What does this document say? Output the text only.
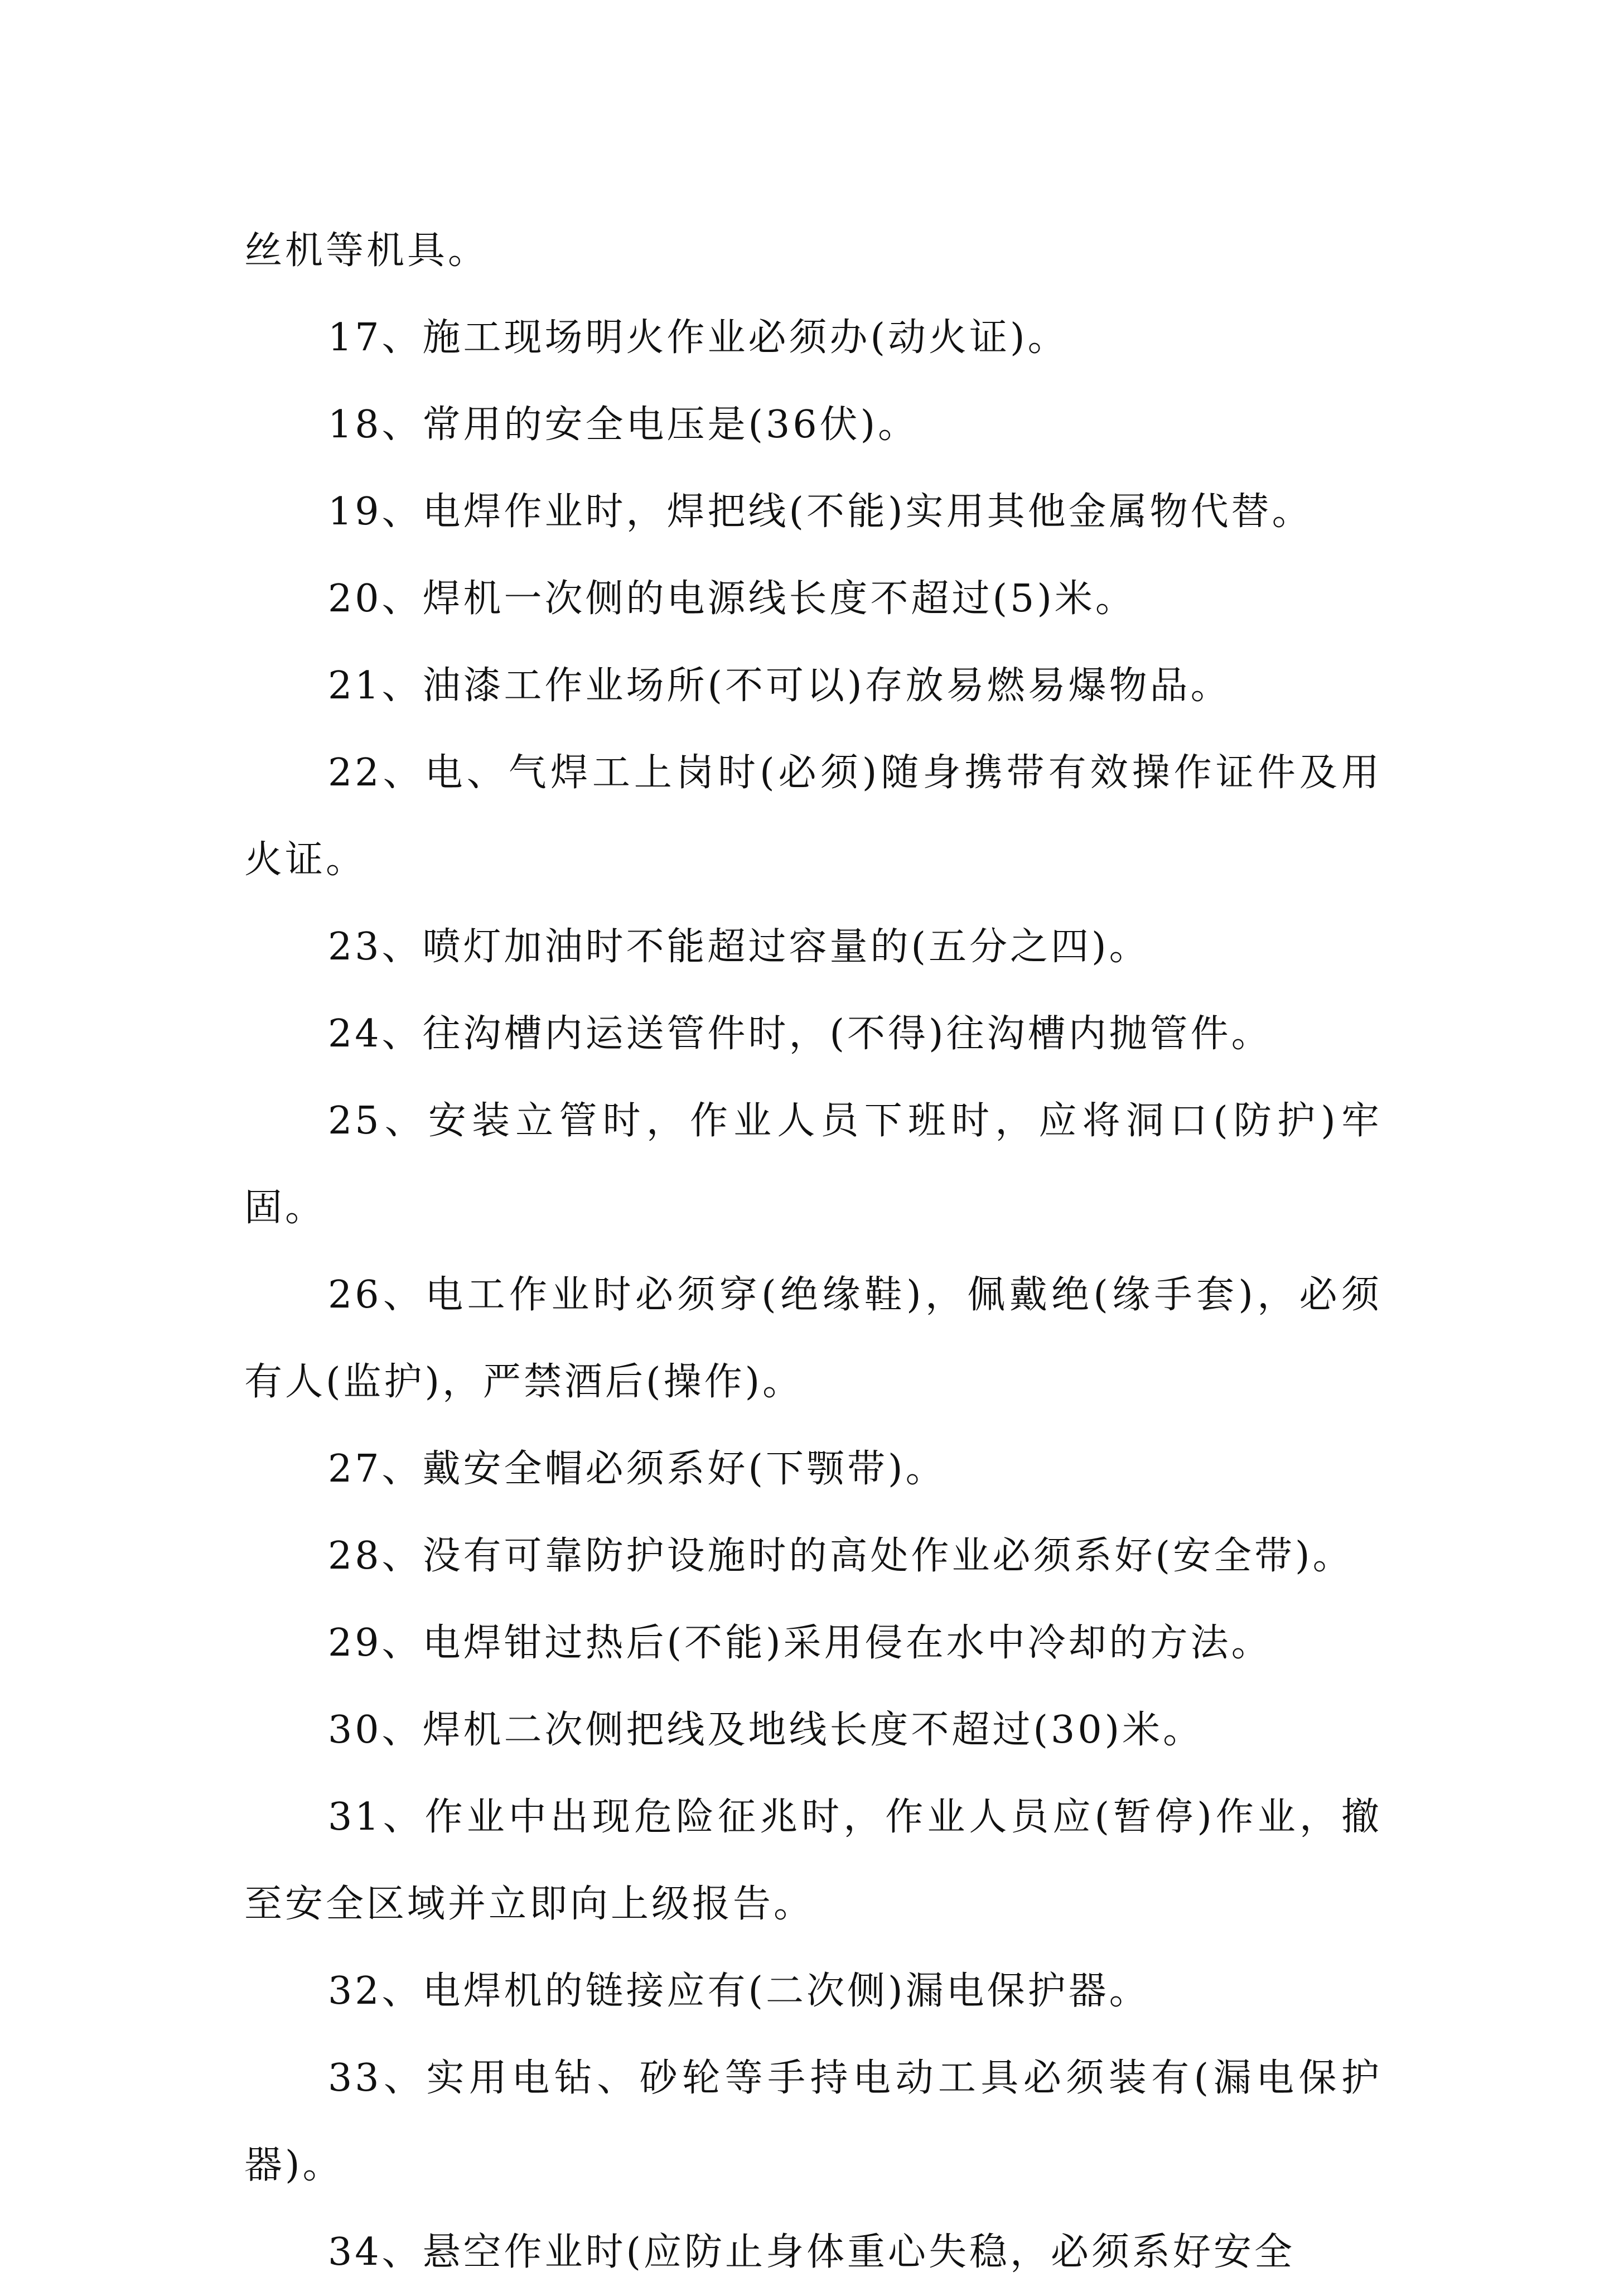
丝机等机具。

17、施工现场明火作业必须办(动火证)。

18、常用的安全电压是(36伏)。

19、电焊作业时，焊把线(不能)实用其他金属物代替。

20、焊机一次侧的电源线长度不超过(5)米。

21、油漆工作业场所(不可以)存放易燃易爆物品。

22、电、气焊工上岗时(必须)随身携带有效操作证件及用火证。

23、喷灯加油时不能超过容量的(五分之四)。

24、往沟槽内运送管件时，(不得)往沟槽内抛管件。

25、安装立管时，作业人员下班时，应将洞口(防护)牢固。

26、电工作业时必须穿(绝缘鞋)，佩戴绝(缘手套)，必须有人(监护)，严禁酒后(操作)。

27、戴安全帽必须系好(下颚带)。

28、没有可靠防护设施时的高处作业必须系好(安全带)。

29、电焊钳过热后(不能)采用侵在水中冷却的方法。

30、焊机二次侧把线及地线长度不超过(30)米。

31、作业中出现危险征兆时，作业人员应(暂停)作业，撤至安全区域并立即向上级报告。

32、电焊机的链接应有(二次侧)漏电保护器。

33、实用电钻、砂轮等手持电动工具必须装有(漏电保护器)。

34、悬空作业时(应防止身体重心失稳，必须系好安全
